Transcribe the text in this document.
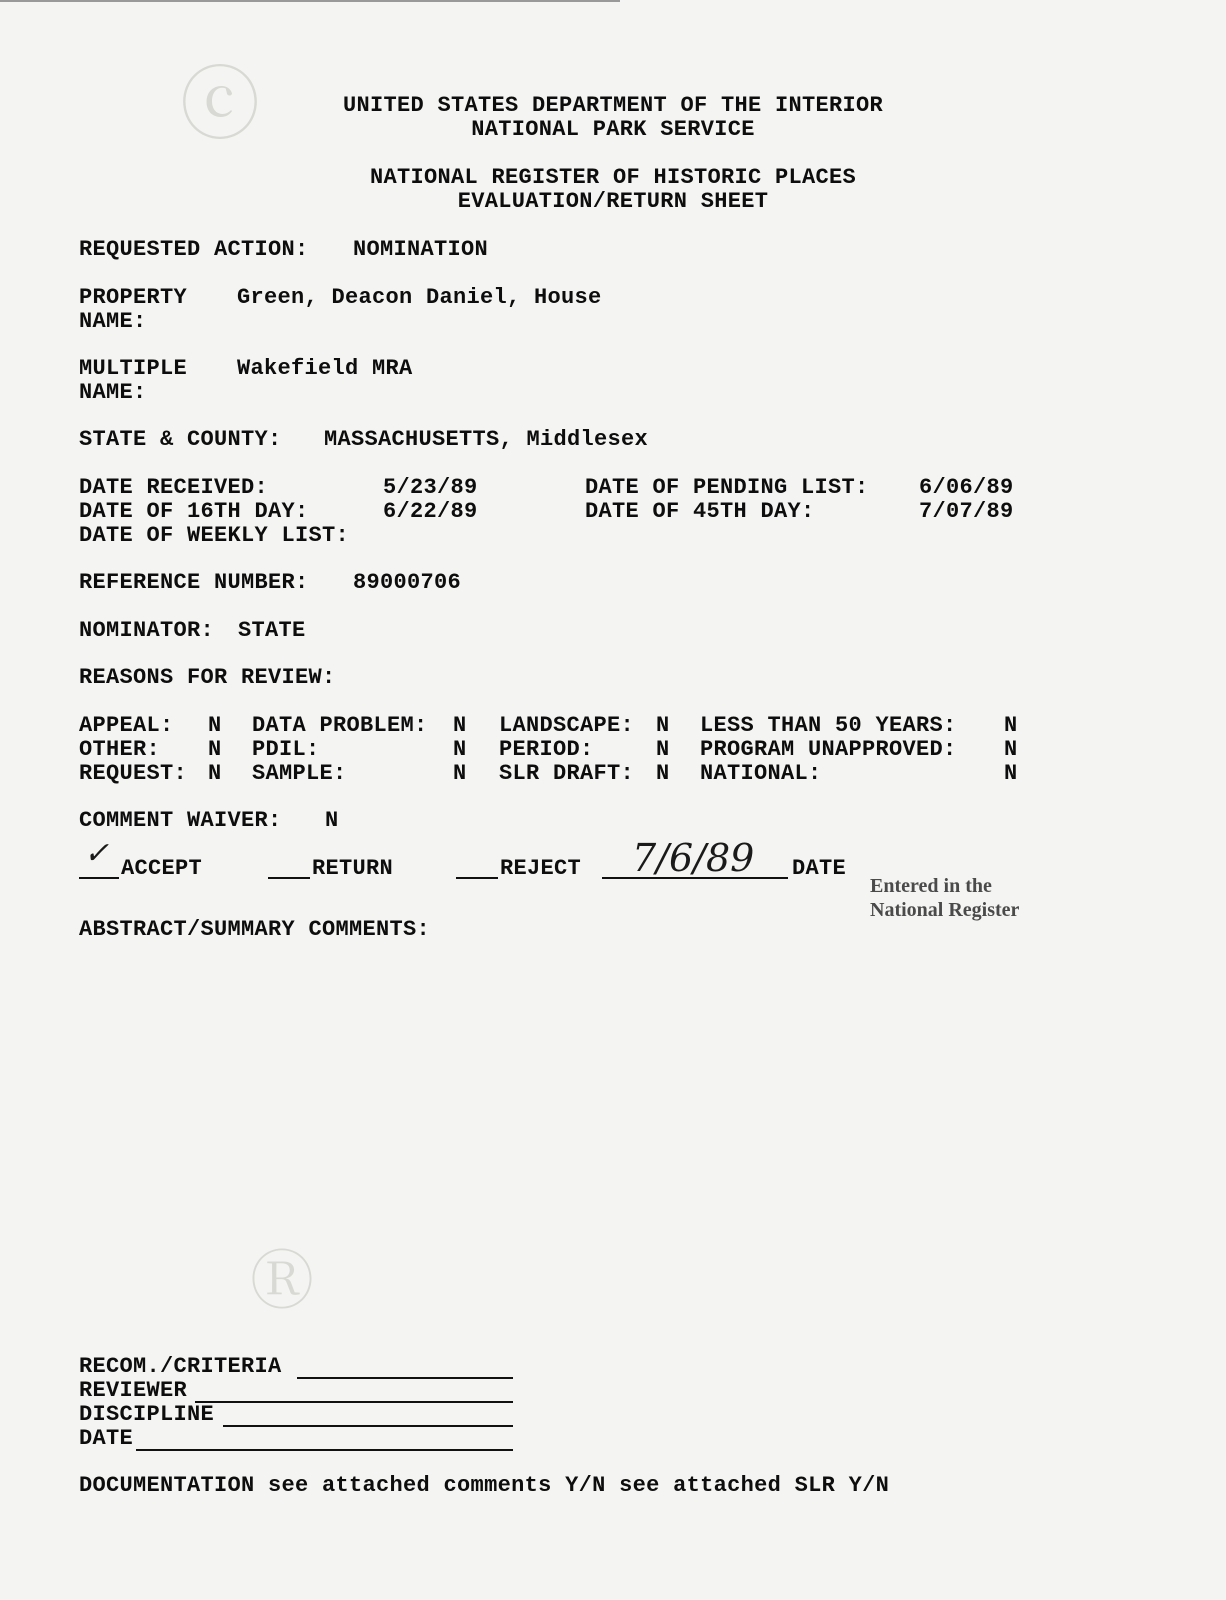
ⓒ
Ⓡ
UNITED STATES DEPARTMENT OF THE INTERIOR
NATIONAL PARK SERVICE
NATIONAL REGISTER OF HISTORIC PLACES
EVALUATION/RETURN SHEET
REQUESTED ACTION: NOMINATION
PROPERTY
NAME:
Green, Deacon Daniel, House
MULTIPLE
NAME:
Wakefield MRA
STATE & COUNTY: MASSACHUSETTS, Middlesex
DATE RECEIVED:	5/23/89	DATE OF PENDING LIST: 6/06/89
DATE OF 16TH DAY:	6/22/89	DATE OF 45TH DAY:	7/07/89
DATE OF WEEKLY LIST:
REFERENCE NUMBER: 89000706
NOMINATOR: STATE
REASONS FOR REVIEW:
APPEAL: N DATA PROBLEM: N LANDSCAPE: N LESS THAN 50 YEARS: N
OTHER: N PDIL:	N PERIOD:	N PROGRAM UNAPPROVED: N
REQUEST: N SAMPLE:	N SLR DRAFT: N NATIONAL:	N
COMMENT WAIVER: N
✓ ACCEPT	RETURN	REJECT 7/6/89 DATE
Entered in the
National Register
ABSTRACT/SUMMARY COMMENTS:
RECOM./CRITERIA
REVIEWER
DISCIPLINE
DATE
DOCUMENTATION see attached comments Y/N see attached SLR Y/N
